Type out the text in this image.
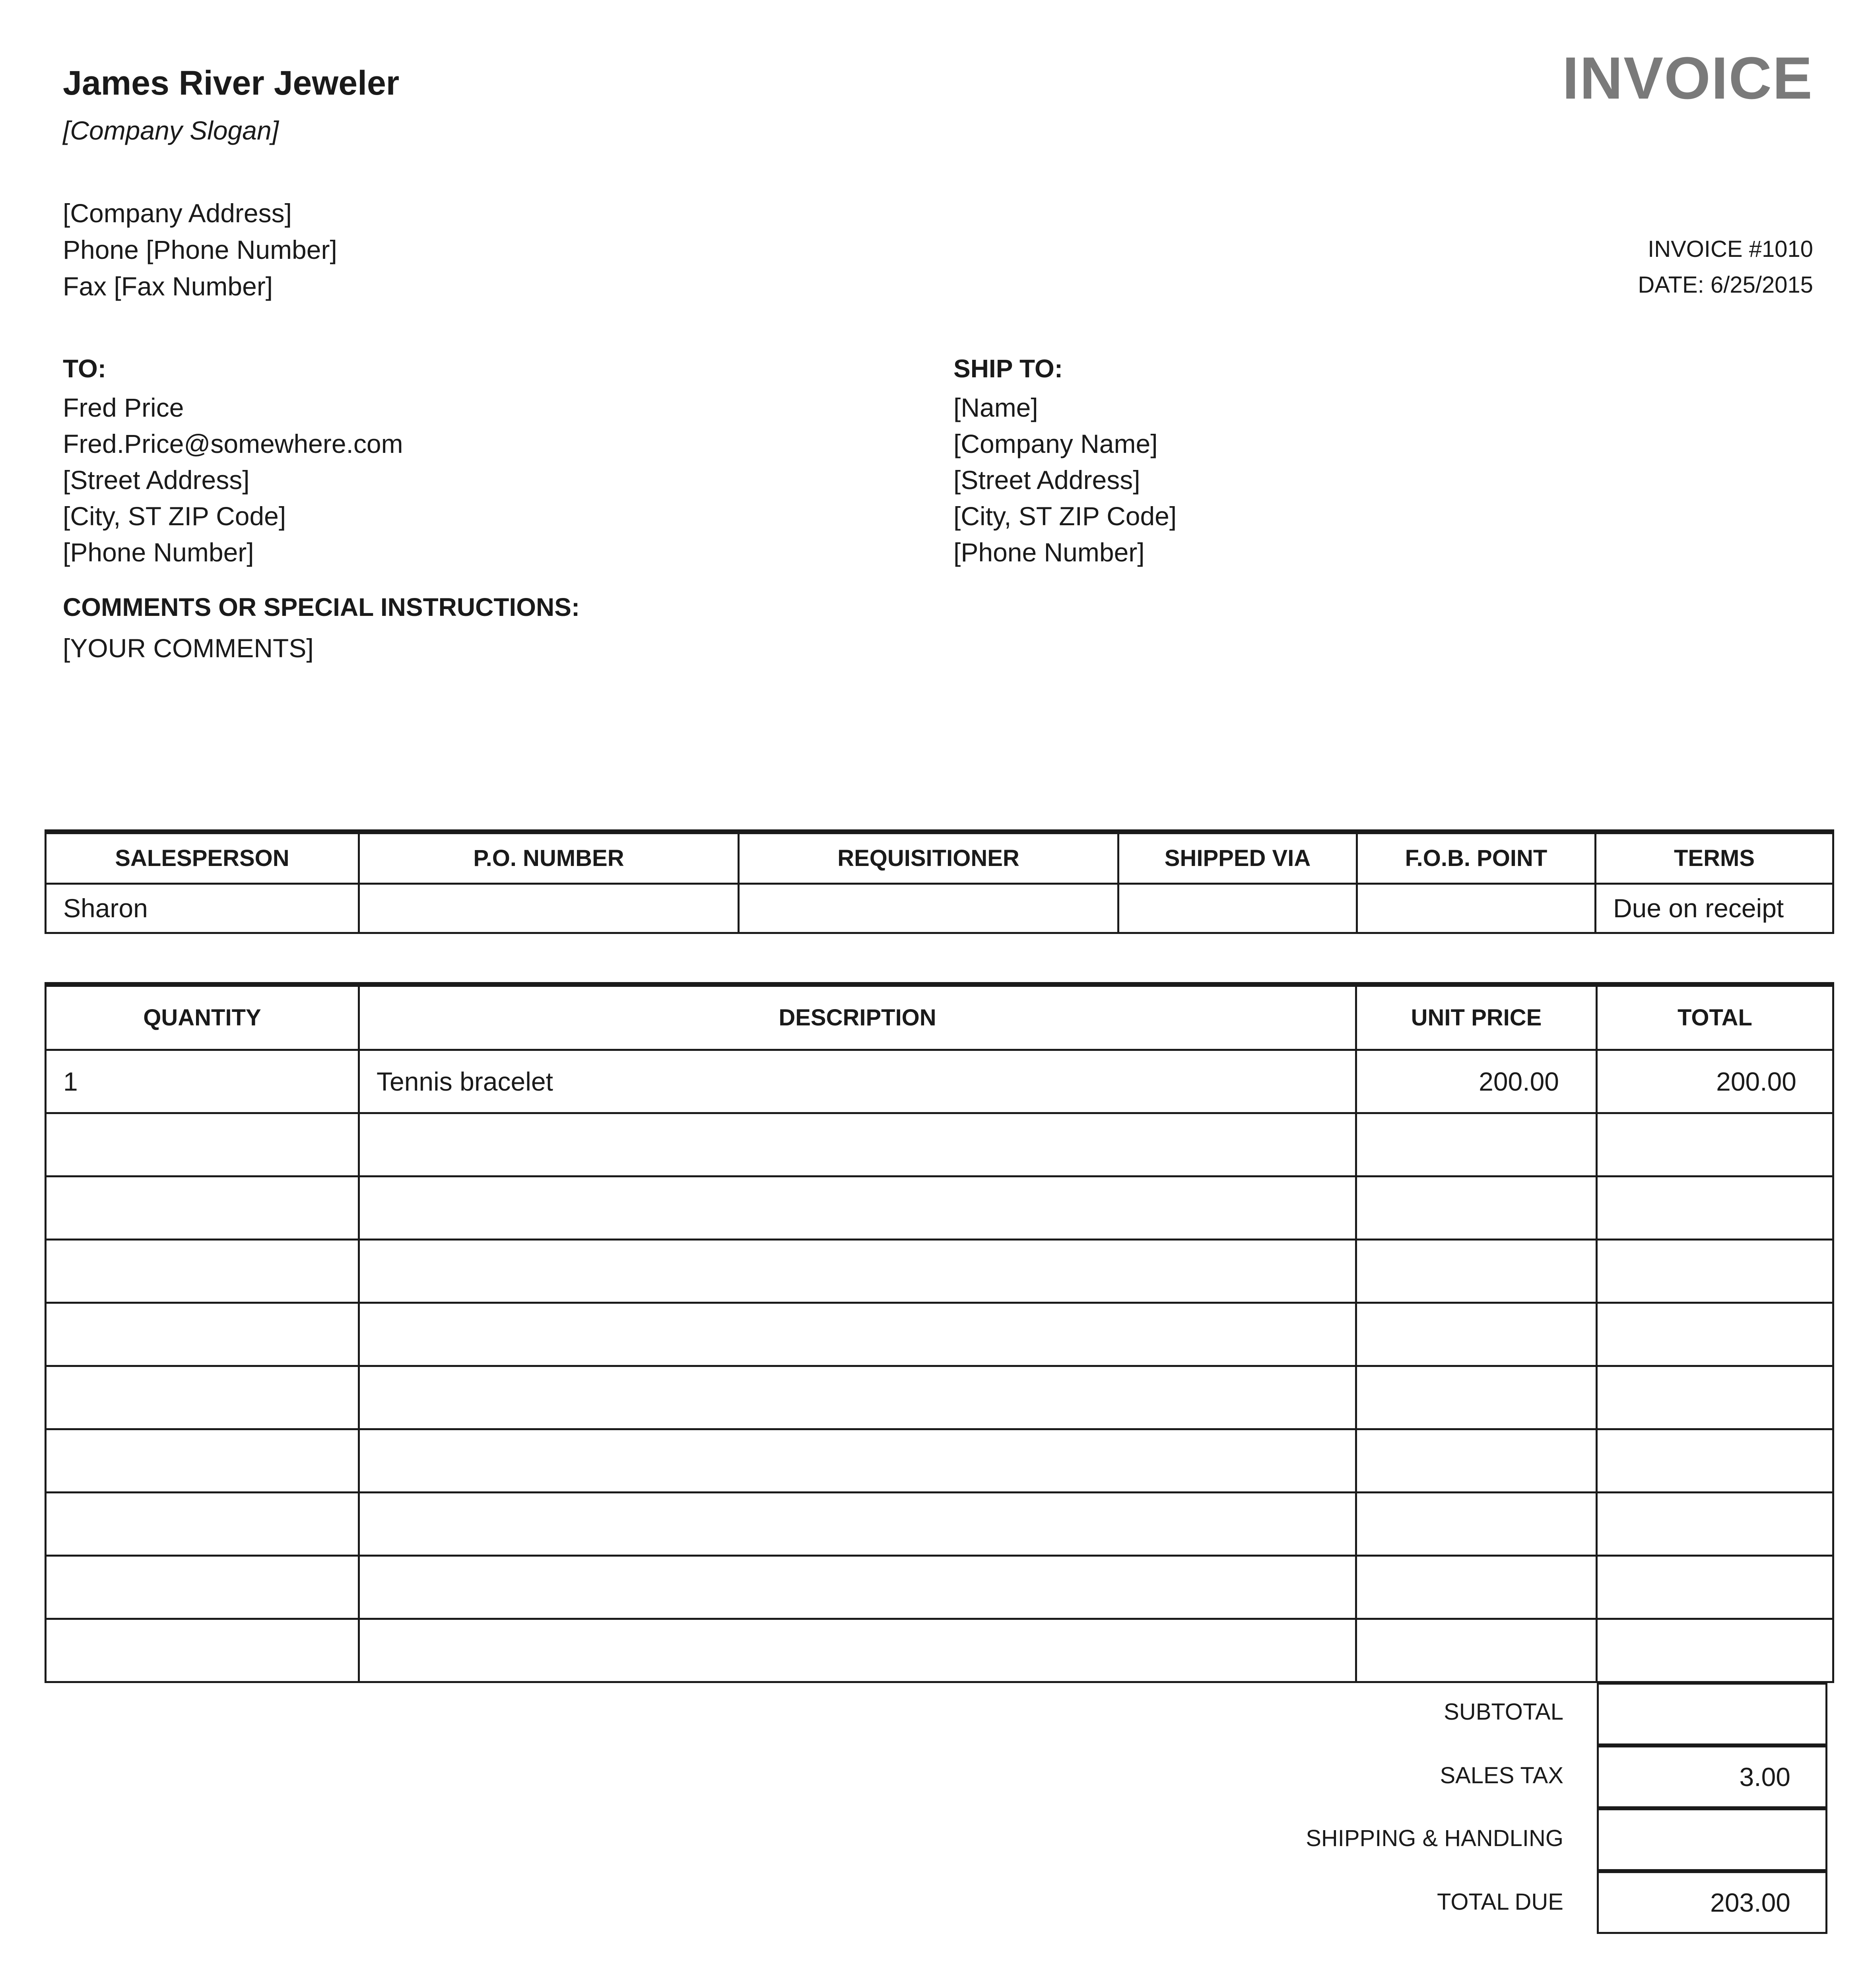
James River Jeweler
[Company Slogan]
INVOICE
[Company Address]
Phone [Phone Number]
Fax [Fax Number]
INVOICE #1010
DATE: 6/25/2015
TO:
Fred Price
Fred.Price@somewhere.com
[Street Address]
[City, ST ZIP Code]
[Phone Number]
SHIP TO:
[Name]
[Company Name]
[Street Address]
[City, ST ZIP Code]
[Phone Number]
COMMENTS OR SPECIAL INSTRUCTIONS:
[YOUR COMMENTS]
SALESPERSON	P.O. NUMBER	REQUISITIONER	SHIPPED VIA	F.O.B. POINT	TERMS
Sharon					Due on receipt
QUANTITY	DESCRIPTION	UNIT PRICE	TOTAL
1	Tennis bracelet	200.00	200.00

SUBTOTAL
SALES TAX	3.00
SHIPPING & HANDLING
TOTAL DUE	203.00
